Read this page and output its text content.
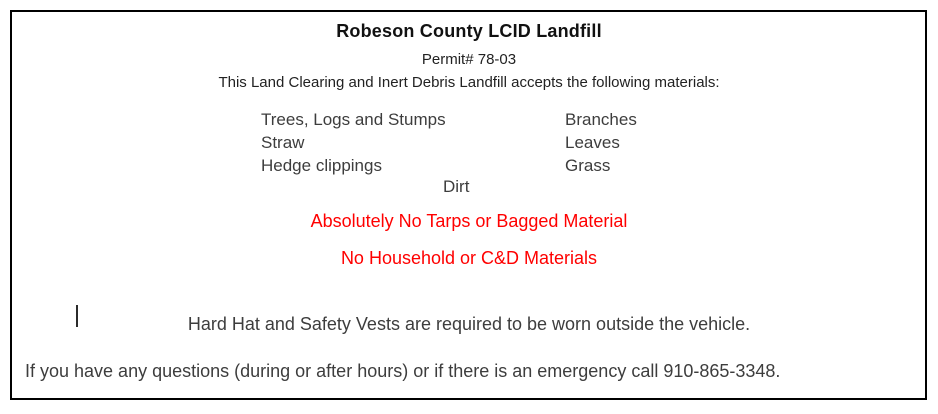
Robeson County LCID Landfill
Permit# 78-03
This Land Clearing and Inert Debris Landfill accepts the following materials:
Trees, Logs and Stumps
Straw
Hedge clippings
Branches
Leaves
Grass
Dirt
Absolutely No Tarps or Bagged Material
No Household or C&D Materials
Hard Hat and Safety Vests are required to be worn outside the vehicle.
If you have any questions (during or after hours) or if there is an emergency call 910-865-3348.
